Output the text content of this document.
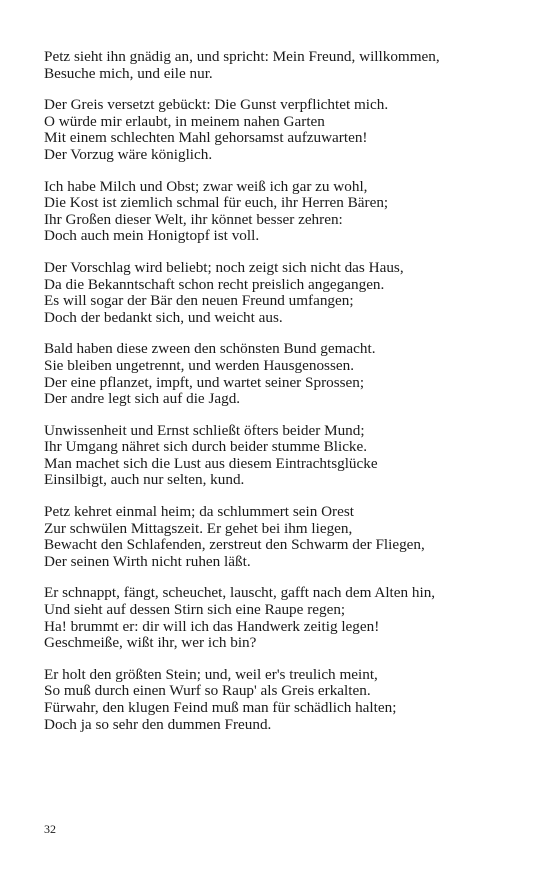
Petz sieht ihn gnädig an, und spricht: Mein Freund, willkommen,
Besuche mich, und eile nur.
Der Greis versetzt gebückt: Die Gunst verpflichtet mich.
O würde mir erlaubt, in meinem nahen Garten
Mit einem schlechten Mahl gehorsamst aufzuwarten!
Der Vorzug wäre königlich.
Ich habe Milch und Obst; zwar weiß ich gar zu wohl,
Die Kost ist ziemlich schmal für euch, ihr Herren Bären;
Ihr Großen dieser Welt, ihr könnet besser zehren:
Doch auch mein Honigtopf ist voll.
Der Vorschlag wird beliebt; noch zeigt sich nicht das Haus,
Da die Bekanntschaft schon recht preislich angegangen.
Es will sogar der Bär den neuen Freund umfangen;
Doch der bedankt sich, und weicht aus.
Bald haben diese zween den schönsten Bund gemacht.
Sie bleiben ungetrennt, und werden Hausgenossen.
Der eine pflanzet, impft, und wartet seiner Sprossen;
Der andre legt sich auf die Jagd.
Unwissenheit und Ernst schließt öfters beider Mund;
Ihr Umgang nähret sich durch beider stumme Blicke.
Man machet sich die Lust aus diesem Eintrachtsglücke
Einsilbigt, auch nur selten, kund.
Petz kehret einmal heim; da schlummert sein Orest
Zur schwülen Mittagszeit. Er gehet bei ihm liegen,
Bewacht den Schlafenden, zerstreut den Schwarm der Fliegen,
Der seinen Wirth nicht ruhen läßt.
Er schnappt, fängt, scheuchet, lauscht, gafft nach dem Alten hin,
Und sieht auf dessen Stirn sich eine Raupe regen;
Ha! brummt er: dir will ich das Handwerk zeitig legen!
Geschmeiße, wißt ihr, wer ich bin?
Er holt den größten Stein; und, weil er's treulich meint,
So muß durch einen Wurf so Raup' als Greis erkalten.
Fürwahr, den klugen Feind muß man für schädlich halten;
Doch ja so sehr den dummen Freund.
32
